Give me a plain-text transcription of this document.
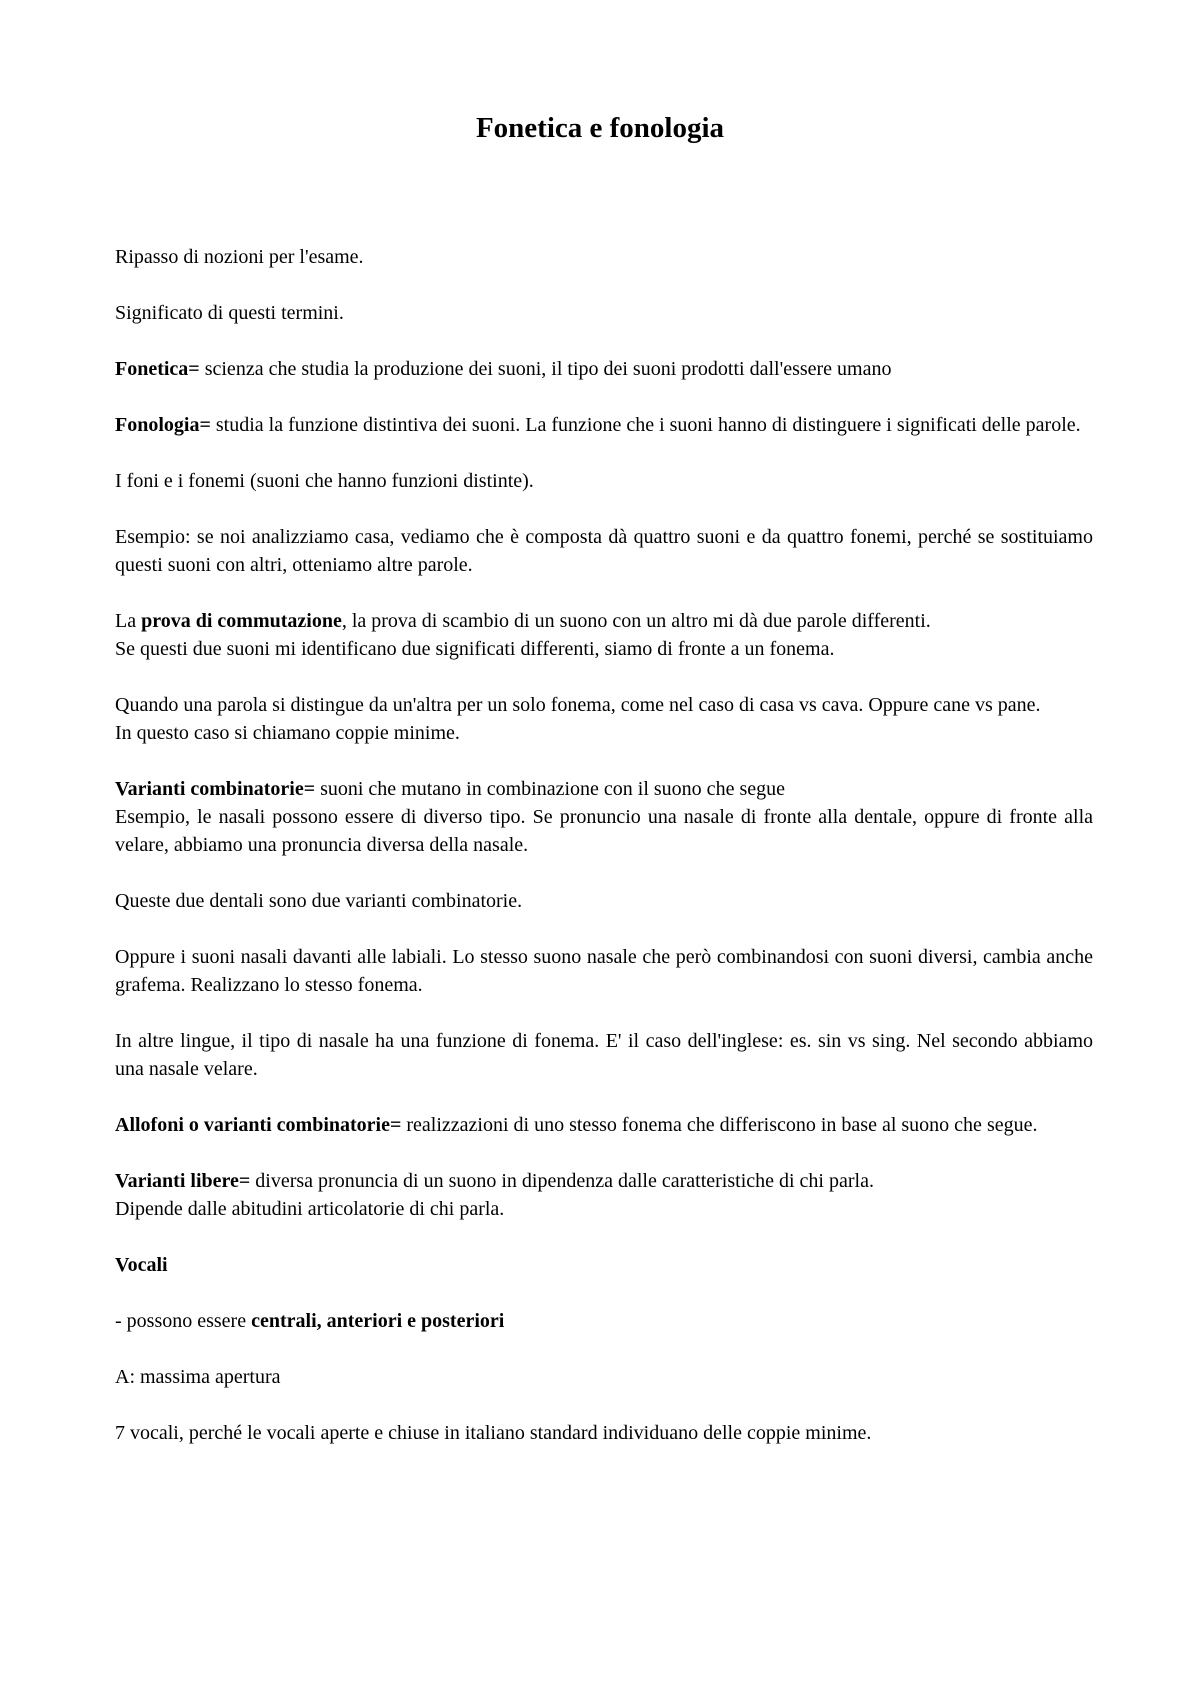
Fonetica e fonologia

Ripasso di nozioni per l'esame.

Significato di questi termini.

Fonetica= scienza che studia la produzione dei suoni, il tipo dei suoni prodotti dall'essere umano

Fonologia= studia la funzione distintiva dei suoni. La funzione che i suoni hanno di distinguere i significati delle parole.

I foni e i fonemi (suoni che hanno funzioni distinte).

Esempio: se noi analizziamo casa, vediamo che è composta dà quattro suoni e da quattro fonemi, perché se sostituiamo questi suoni con altri, otteniamo altre parole.

La prova di commutazione, la prova di scambio di un suono con un altro mi dà due parole differenti.
Se questi due suoni mi identificano due significati differenti, siamo di fronte a un fonema.

Quando una parola si distingue da un'altra per un solo fonema, come nel caso di casa vs cava. Oppure cane vs pane.
In questo caso si chiamano coppie minime.

Varianti combinatorie= suoni che mutano in combinazione con il suono che segue
Esempio, le nasali possono essere di diverso tipo. Se pronuncio una nasale di fronte alla dentale, oppure di fronte alla velare, abbiamo una pronuncia diversa della nasale.

Queste due dentali sono due varianti combinatorie.

Oppure i suoni nasali davanti alle labiali. Lo stesso suono nasale che però combinandosi con suoni diversi, cambia anche grafema. Realizzano lo stesso fonema.

In altre lingue, il tipo di nasale ha una funzione di fonema. E' il caso dell'inglese: es. sin vs sing. Nel secondo abbiamo una nasale velare.

Allofoni o varianti combinatorie= realizzazioni di uno stesso fonema che differiscono in base al suono che segue.

Varianti libere= diversa pronuncia di un suono in dipendenza dalle caratteristiche di chi parla.
Dipende dalle abitudini articolatorie di chi parla.

Vocali

- possono essere centrali, anteriori e posteriori

A: massima apertura

7 vocali, perché le vocali aperte e chiuse in italiano standard individuano delle coppie minime.
